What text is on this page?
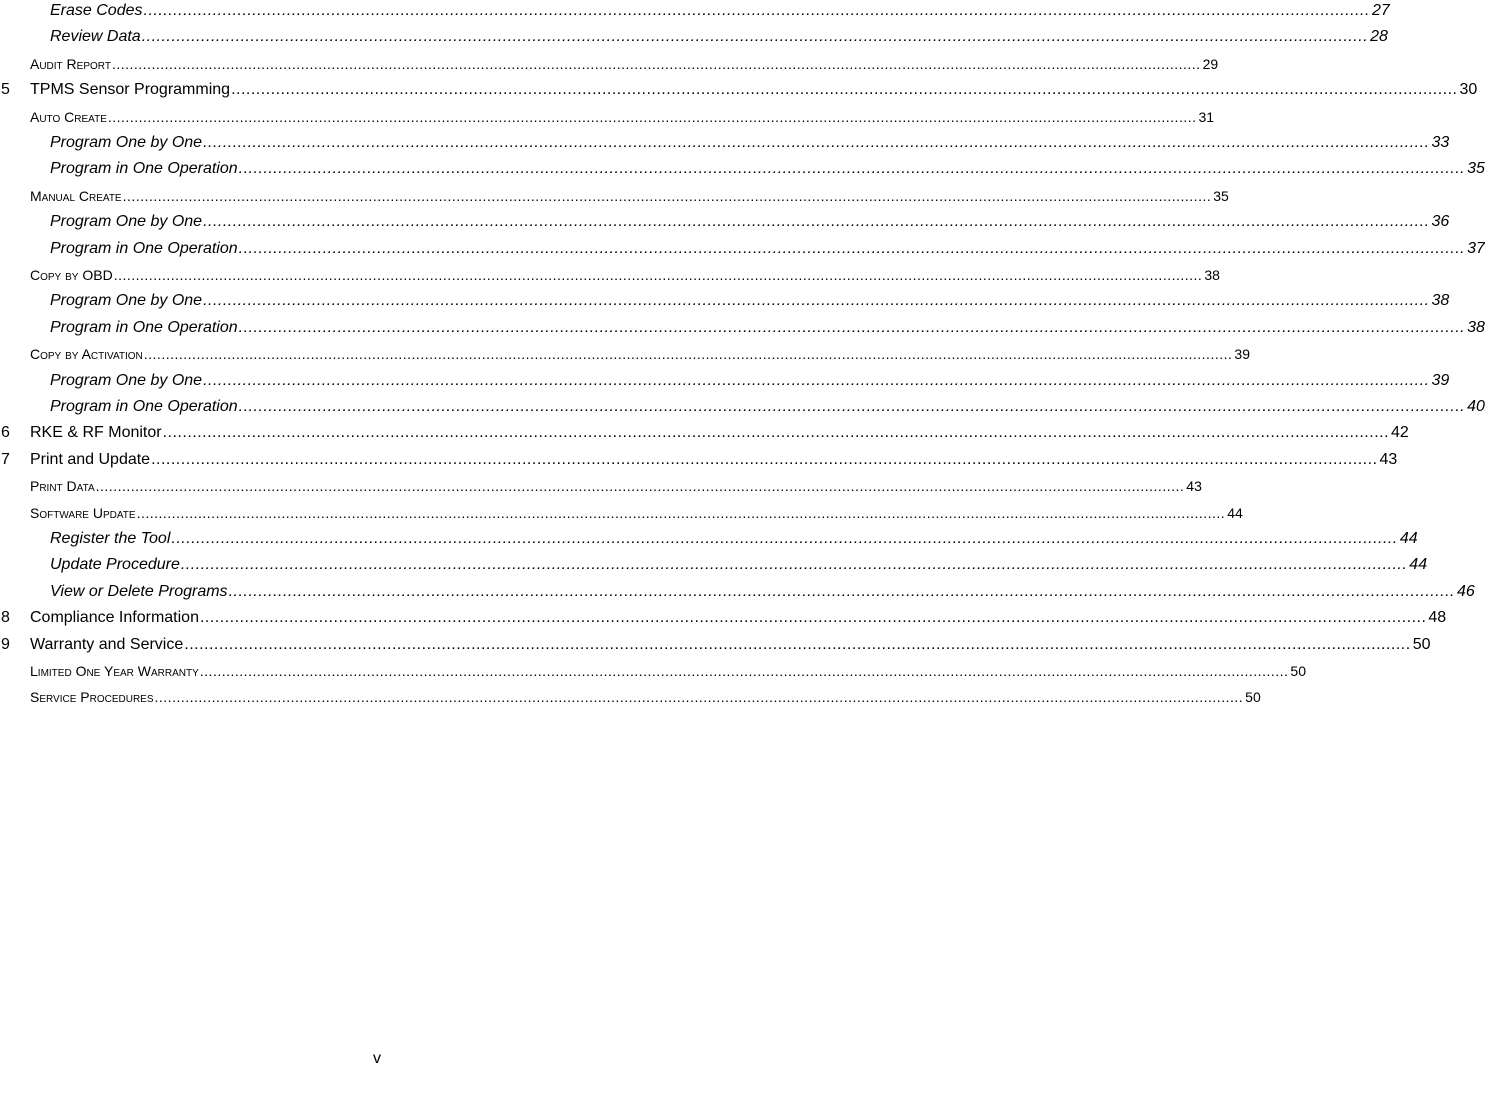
Erase Codes .....	27
Review Data .....	28
Audit Report .....	29
5	TPMS Sensor Programming .....	30
Auto Create .....	31
Program One by One .....	33
Program in One Operation .....	35
Manual Create .....	35
Program One by One .....	36
Program in One Operation .....	37
Copy by OBD .....	38
Program One by One .....	38
Program in One Operation .....	38
Copy by Activation .....	39
Program One by One .....	39
Program in One Operation .....	40
6	RKE & RF Monitor .....	42
7	Print and Update .....	43
Print Data .....	43
Software Update .....	44
Register the Tool .....	44
Update Procedure .....	44
View or Delete Programs .....	46
8	Compliance Information .....	48
9	Warranty and Service .....	50
Limited One Year Warranty .....	50
Service Procedures .....	50
v
